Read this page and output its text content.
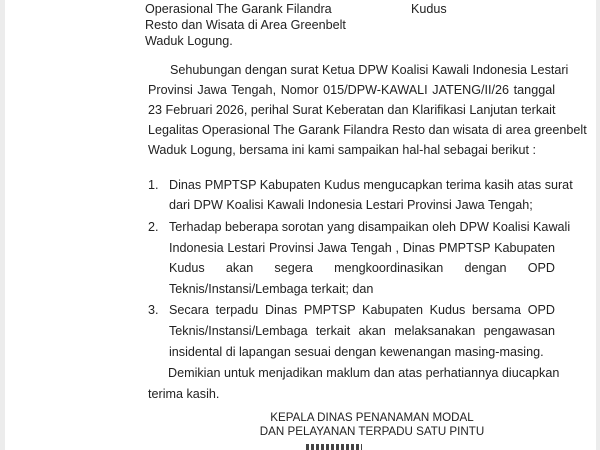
Operasional The Garank Filandra
Resto dan Wisata di Area Greenbelt
Waduk Logung.
Kudus
Sehubungan dengan surat Ketua DPW Koalisi Kawali Indonesia Lestari
Provinsi Jawa Tengah, Nomor 015/DPW-KAWALI JATENG/II/26 tanggal
23 Februari 2026, perihal Surat Keberatan dan Klarifikasi Lanjutan terkait
Legalitas Operasional The Garank Filandra Resto dan wisata di area greenbelt
Waduk Logung, bersama ini kami sampaikan hal-hal sebagai berikut :
1. Dinas PMPTSP Kabupaten Kudus mengucapkan terima kasih atas surat
dari DPW Koalisi Kawali Indonesia Lestari Provinsi Jawa Tengah;
2. Terhadap beberapa sorotan yang disampaikan oleh DPW Koalisi Kawali
Indonesia Lestari Provinsi Jawa Tengah , Dinas PMPTSP Kabupaten
Kudus akan segera mengkoordinasikan dengan OPD
Teknis/Instansi/Lembaga terkait; dan
3. Secara terpadu Dinas PMPTSP Kabupaten Kudus bersama OPD
Teknis/Instansi/Lembaga terkait akan melaksanakan pengawasan
insidental di lapangan sesuai dengan kewenangan masing-masing.
Demikian untuk menjadikan maklum dan atas perhatiannya diucapkan
terima kasih.
KEPALA DINAS PENANAMAN MODAL
DAN PELAYANAN TERPADU SATU PINTU
